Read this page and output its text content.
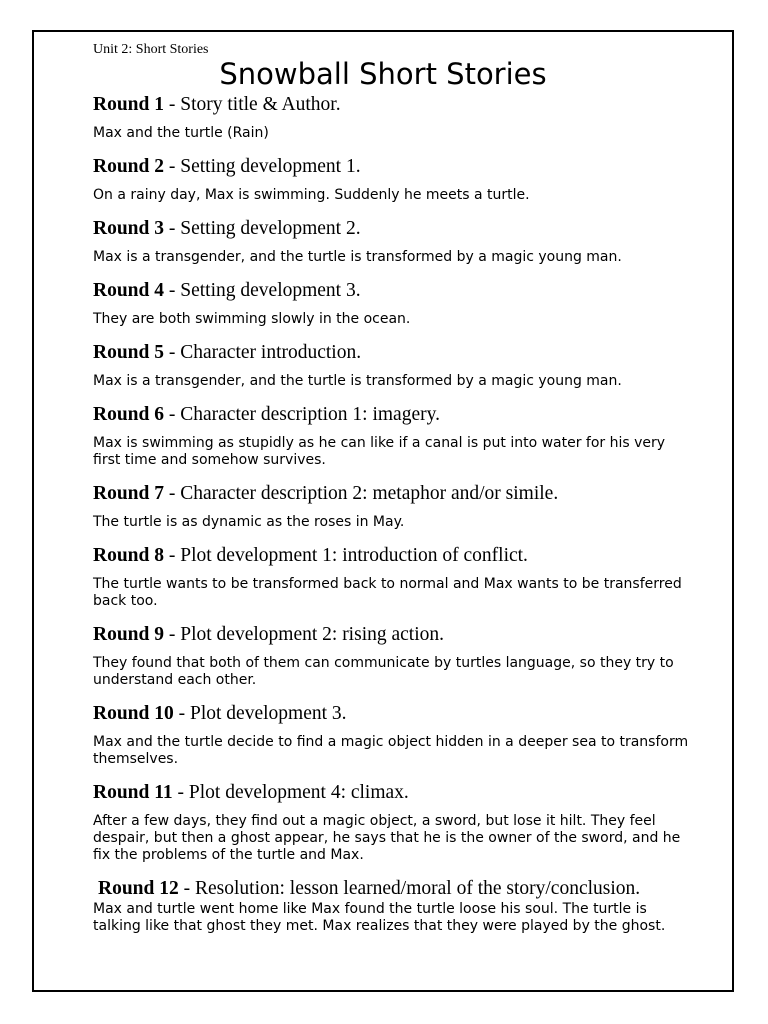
Unit 2: Short Stories

Snowball Short Stories
Round 1 - Story title & Author.

Max and the turtle (Rain)

Round 2 - Setting development 1.

On a rainy day, Max is swimming. Suddenly he meets a turtle.

Round 3 - Setting development 2.

Max is a transgender, and the turtle is transformed by a magic young man.

Round 4 - Setting development 3.

They are both swimming slowly in the ocean.

Round 5 - Character introduction.

Max is a transgender, and the turtle is transformed by a magic young man.

Round 6 - Character description 1: imagery.

Max is swimming as stupidly as he can like if a canal is put into water for his very first time and somehow survives.

Round 7 - Character description 2: metaphor and/or simile.

The turtle is as dynamic as the roses in May.

Round 8 - Plot development 1: introduction of conflict.

The turtle wants to be transformed back to normal and Max wants to be transferred back too.

Round 9 - Plot development 2: rising action.

They found that both of them can communicate by turtles language, so they try to understand each other.

Round 10 - Plot development 3.

Max and the turtle decide to find a magic object hidden in a deeper sea to transform themselves.

Round 11 - Plot development 4: climax.

After a few days, they find out a magic object, a sword, but lose it hilt. They feel despair, but then a ghost appear, he says that he is the owner of the sword, and he fix the problems of the turtle and Max.

Round 12 - Resolution: lesson learned/moral of the story/conclusion.

Max and turtle went home like Max found the turtle loose his soul. The turtle is talking like that ghost they met. Max realizes that they were played by the ghost.
